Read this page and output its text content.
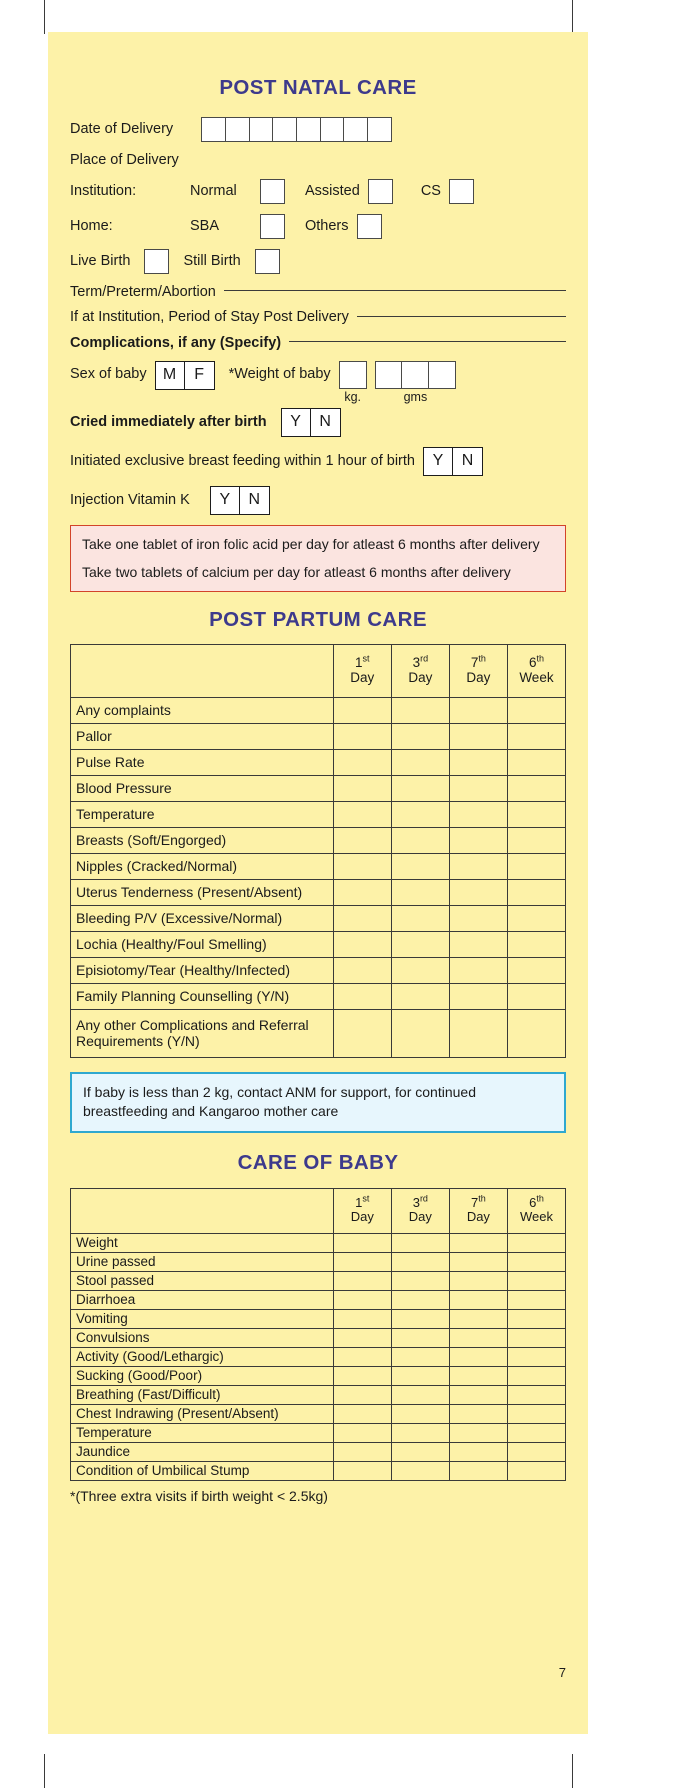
POST NATAL CARE
Date of Delivery
Place of Delivery
Institution:	Normal	Assisted	CS
Home:	SBA	Others
Live Birth	Still Birth
Term/Preterm/Abortion
If at Institution, Period of Stay Post Delivery
Complications, if any (Specify)
Sex of baby	M	F	*Weight of baby
kg.	gms
Cried immediately after birth	Y	N
Initiated exclusive breast feeding within 1 hour of birth	Y	N
Injection Vitamin K	Y	N

Take one tablet of iron folic acid per day for atleast 6 months after delivery

Take two tablets of calcium per day for atleast 6 months after delivery

POST PARTUM CARE

1st
Day

3rd
Day

7th
Day

6th
Week

Any complaints				
Pallor				
Pulse Rate				
Blood Pressure				
Temperature				
Breasts (Soft/Engorged)				
Nipples (Cracked/Normal)				
Uterus Tenderness (Present/Absent)				
Bleeding P/V (Excessive/Normal)				
Lochia (Healthy/Foul Smelling)				
Episiotomy/Tear (Healthy/Infected)				
Family Planning Counselling (Y/N)				
Any other Complications and Referral Requirements (Y/N)				

If baby is less than 2 kg, contact ANM for support, for continued breastfeeding and Kangaroo mother care

CARE OF BABY

1st
Day

3rd
Day

7th
Day

6th
Week

Weight				
Urine passed				
Stool passed				
Diarrhoea				
Vomiting				
Convulsions				
Activity (Good/Lethargic)				
Sucking (Good/Poor)				
Breathing (Fast/Difficult)				
Chest Indrawing (Present/Absent)				
Temperature				
Jaundice				
Condition of Umbilical Stump				
*(Three extra visits if birth weight < 2.5kg)
7
